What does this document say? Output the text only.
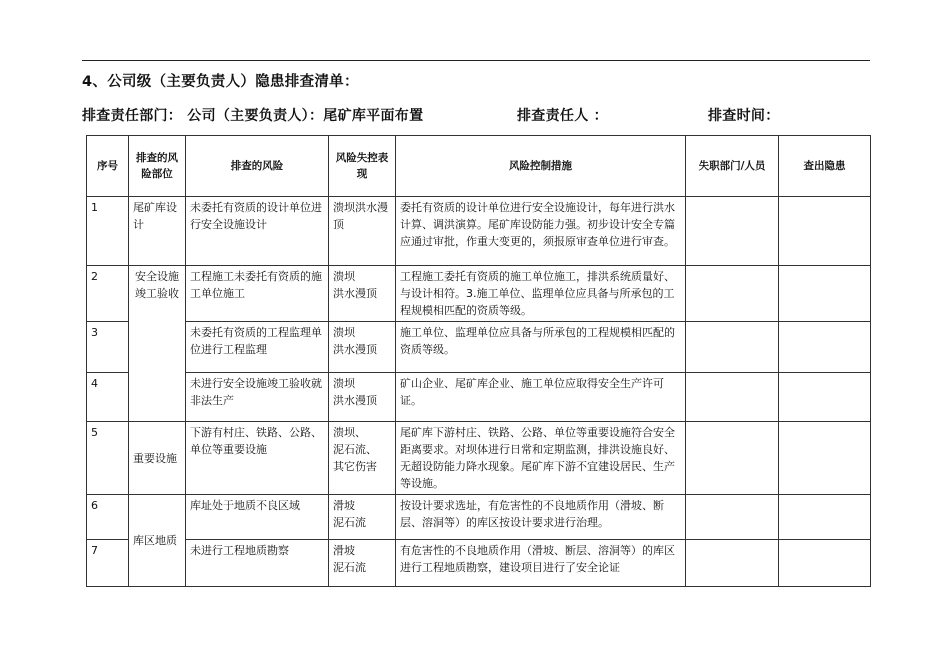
4、公司级（主要负责人）隐患排查清单：
排查责任部门： 公司（主要负责人）：尾矿库平面布置	排查责任人 ：	排查时间：
序号	排查的风险部位	排查的风险	风险失控表现	风险控制措施	失职部门/人员	查出隐患
1	尾矿库设计	未委托有资质的设计单位进行安全设施设计	溃坝洪水漫顶	委托有资质的设计单位进行安全设施设计，每年进行洪水计算、调洪演算。尾矿库设防能力强。初步设计安全专篇应通过审批，作重大变更的，须报原审查单位进行审查。		
2	安全设施竣工验收	工程施工未委托有资质的施工单位施工	溃坝
洪水漫顶	工程施工委托有资质的施工单位施工，排洪系统质量好、与设计相符。3.施工单位、监理单位应具备与所承包的工程规模相匹配的资质等级。		
3		未委托有资质的工程监理单位进行工程监理	溃坝
洪水漫顶	施工单位、监理单位应具备与所承包的工程规模相匹配的资质等级。		
4		未进行安全设施竣工验收就非法生产	溃坝
洪水漫顶	矿山企业、尾矿库企业、施工单位应取得安全生产许可证。		
5	重要设施	下游有村庄、铁路、公路、单位等重要设施	溃坝、
泥石流、
其它伤害	尾矿库下游村庄、铁路、公路、单位等重要设施符合安全距离要求。对坝体进行日常和定期监测，排洪设施良好、无超设防能力降水现象。尾矿库下游不宜建设居民、生产等设施。		
6	库区地质	库址处于地质不良区域	滑坡
泥石流	按设计要求选址，有危害性的不良地质作用（滑坡、断层、溶洞等）的库区按设计要求进行治理。		
7		未进行工程地质勘察	滑坡
泥石流	有危害性的不良地质作用（滑坡、断层、溶洞等）的库区进行工程地质勘察，建设项目进行了安全论证		
